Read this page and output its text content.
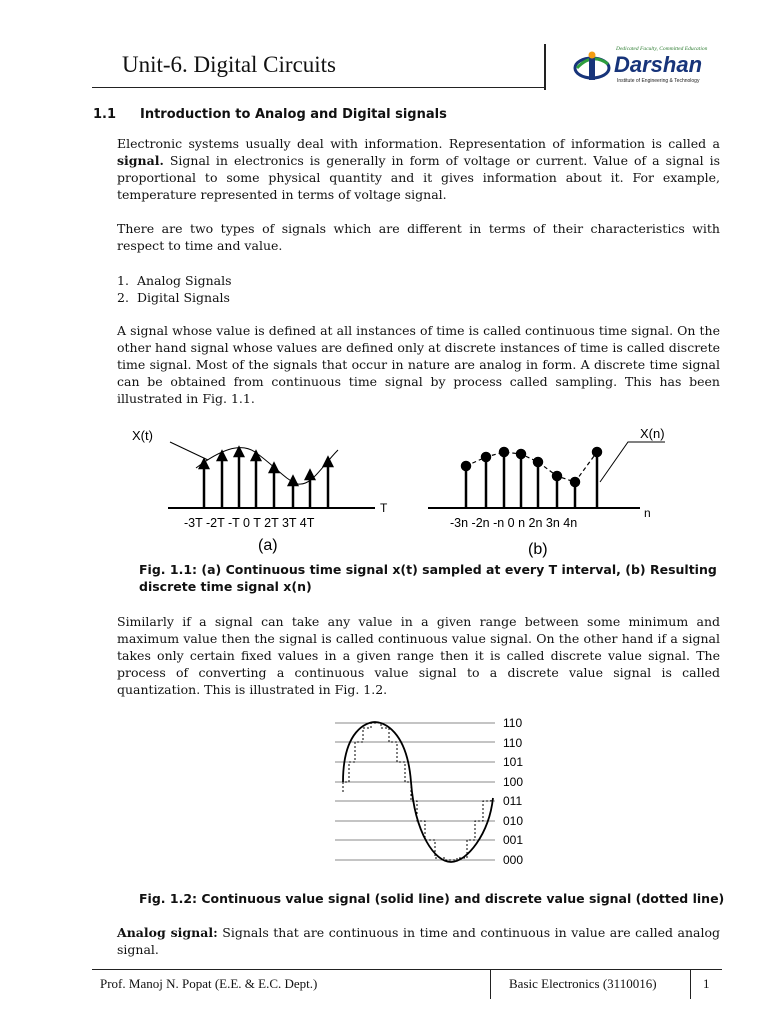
Unit-6. Digital Circuits
Dedicated Faculty, Committed Education
Darshan
Institute of Engineering & Technology
1.1 Introduction to Analog and Digital signals
Electronic systems usually deal with information. Representation of information is called a signal. Signal in electronics is generally in form of voltage or current. Value of a signal is proportional to some physical quantity and it gives information about it. For example, temperature represented in terms of voltage signal.
There are two types of signals which are different in terms of their characteristics with respect to time and value.
1. Analog Signals
2. Digital Signals
A signal whose value is defined at all instances of time is called continuous time signal. On the other hand signal whose values are defined only at discrete instances of time is called discrete time signal. Most of the signals that occur in nature are analog in form. A discrete time signal can be obtained from continuous time signal by process called sampling. This has been illustrated in Fig. 1.1.
X(t)
T
-3T -2T -T 0 T 2T 3T 4T
(a)
n
X(n)
-3n -2n -n 0 n 2n 3n 4n
(b)
Fig. 1.1: (a) Continuous time signal x(t) sampled at every T interval, (b) Resulting
discrete time signal x(n)
Similarly if a signal can take any value in a given range between some minimum and maximum value then the signal is called continuous value signal. On the other hand if a signal takes only certain fixed values in a given range then it is called discrete value signal. The process of converting a continuous value signal to a discrete value signal is called quantization. This is illustrated in Fig. 1.2.
110
110
101
100
011
010
001
000
Fig. 1.2: Continuous value signal (solid line) and discrete value signal (dotted line)
Analog signal: Signals that are continuous in time and continuous in value are called analog signal.
Prof. Manoj N. Popat (E.E. & E.C. Dept.)	Basic Electronics (3110016)	1
